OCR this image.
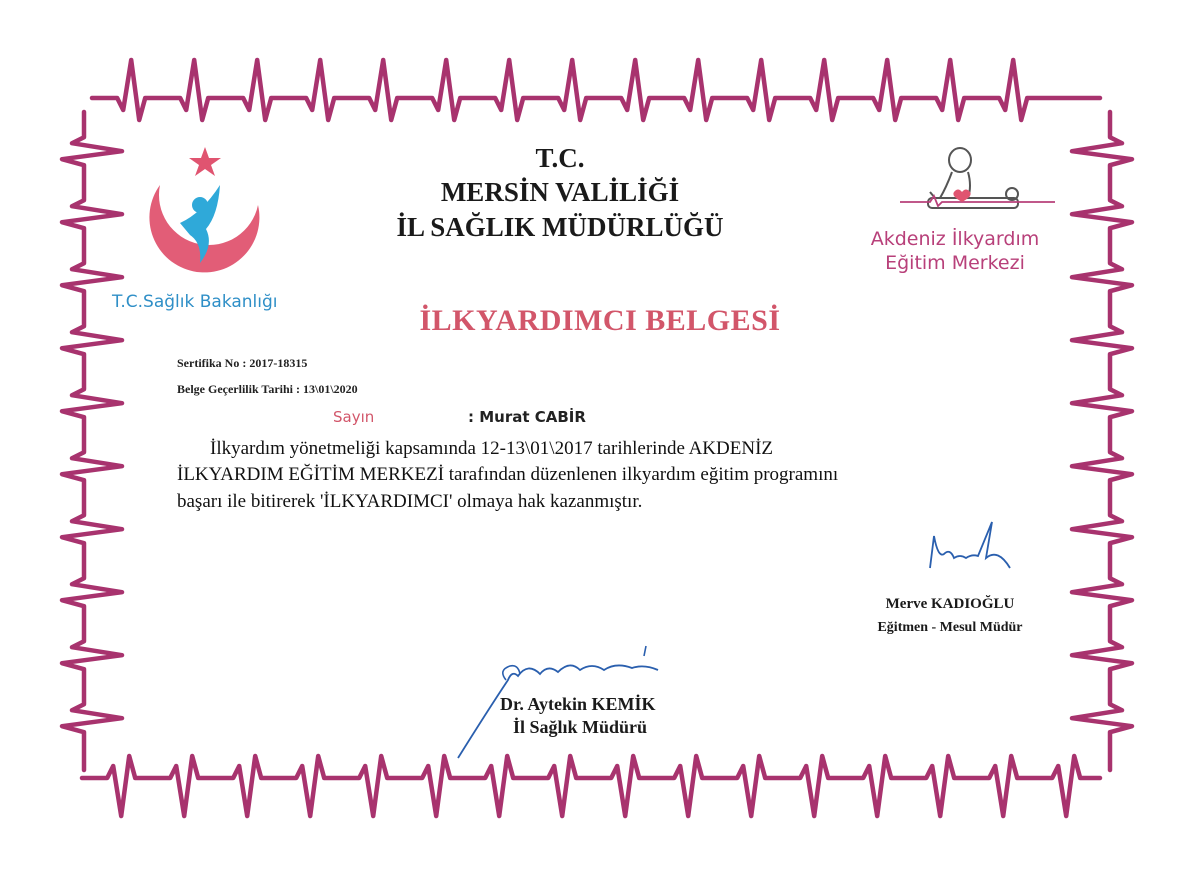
T.C.Sağlık Bakanlığı
Akdeniz İlkyardım
Eğitim Merkezi
T.C.
MERSİN VALİLİĞİ
İL SAĞLIK MÜDÜRLÜĞÜ
İLKYARDIMCI BELGESİ
Sertifika No : 2017-18315
Belge Geçerlilik Tarihi : 13\01\2020
Sayın	: Murat CABİR
İlkyardım yönetmeliği kapsamında 12-13\01\2017 tarihlerinde AKDENİZ
İLKYARDIM EĞİTİM MERKEZİ tarafından düzenlenen ilkyardım eğitim programını
başarı ile bitirerek 'İLKYARDIMCI' olmaya hak kazanmıştır.
Merve KADIOĞLU
Eğitmen - Mesul Müdür
Dr. Aytekin KEMİK
İl Sağlık Müdürü
